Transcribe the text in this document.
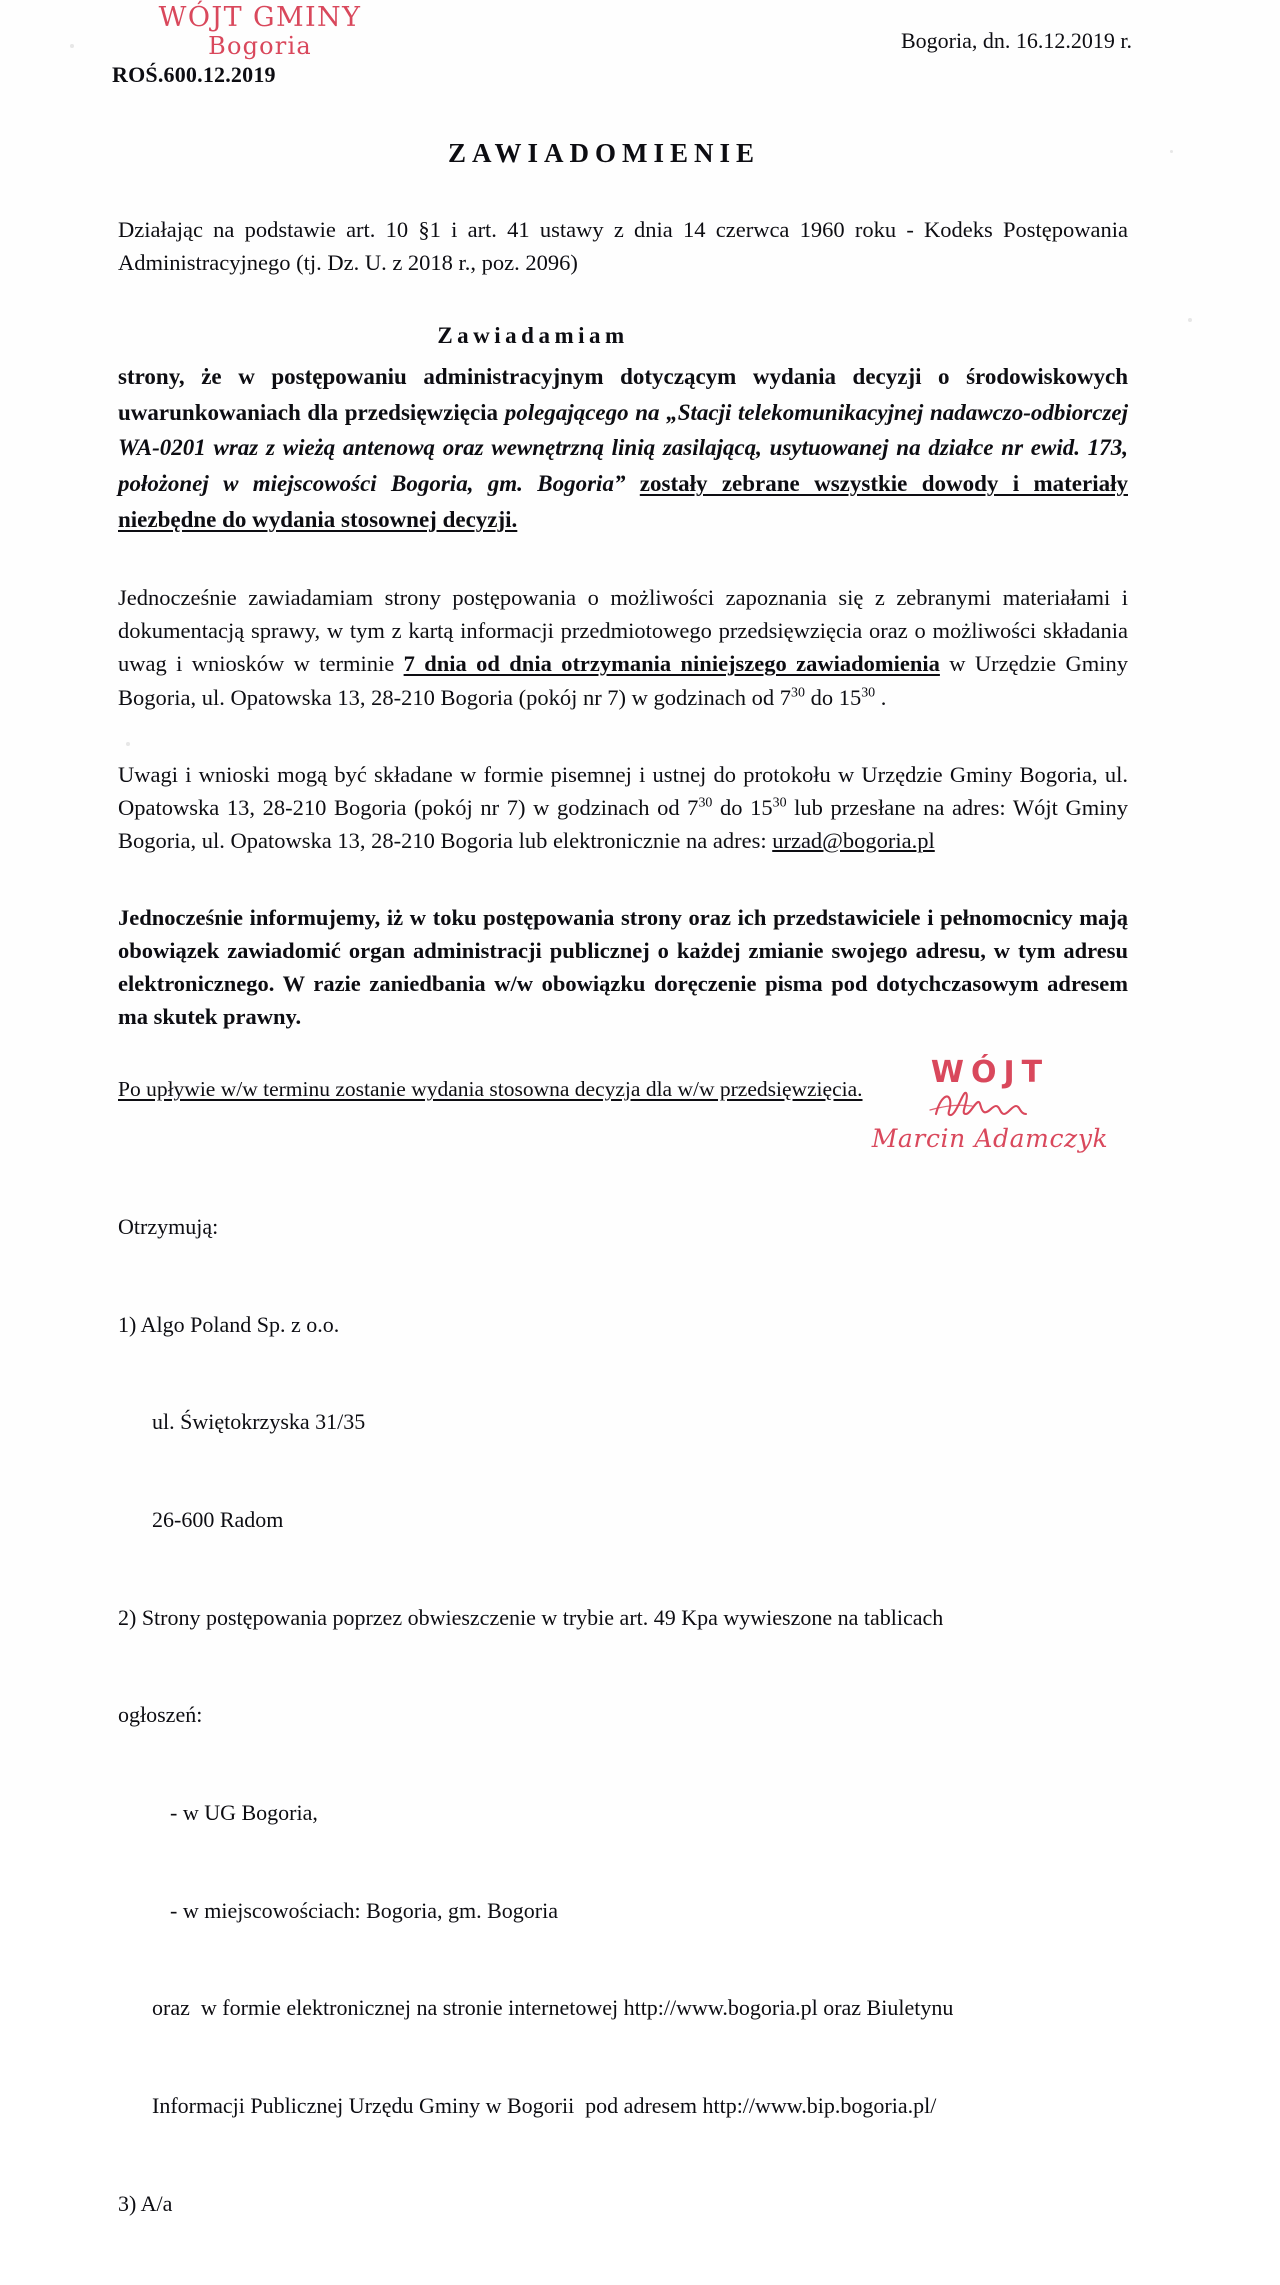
WÓJT GMINY
Bogoria
ROŚ.600.12.2019
Bogoria, dn. 16.12.2019 r.
ZAWIADOMIENIE

Działając na podstawie art. 10 §1 i art. 41 ustawy z dnia 14 czerwca 1960 roku - Kodeks Postępowania Administracyjnego (tj. Dz. U. z 2018 r., poz. 2096)

Zawiadamiam

strony, że w postępowaniu administracyjnym dotyczącym wydania decyzji o środowiskowych uwarunkowaniach dla przedsięwzięcia polegającego na „Stacji telekomunikacyjnej nadawczo-odbiorczej WA-0201 wraz z wieżą antenową oraz wewnętrzną linią zasilającą, usytuowanej na działce nr ewid. 173, położonej w miejscowości Bogoria, gm. Bogoria” zostały zebrane wszystkie dowody i materiały niezbędne do wydania stosownej decyzji.

Jednocześnie zawiadamiam strony postępowania o możliwości zapoznania się z zebranymi materiałami i dokumentacją sprawy, w tym z kartą informacji przedmiotowego przedsięwzięcia oraz o możliwości składania uwag i wniosków w terminie 7 dnia od dnia otrzymania niniejszego zawiadomienia w Urzędzie Gminy Bogoria, ul. Opatowska 13, 28-210 Bogoria (pokój nr 7) w godzinach od $7^{30}$ do $15^{30}$ .

Uwagi i wnioski mogą być składane w formie pisemnej i ustnej do protokołu w Urzędzie Gminy Bogoria, ul. Opatowska 13, 28-210 Bogoria (pokój nr 7) w godzinach od $7^{30}$ do $15^{30}$ lub przesłane na adres: Wójt Gminy Bogoria, ul. Opatowska 13, 28-210 Bogoria lub elektronicznie na adres: urzad@bogoria.pl

Jednocześnie informujemy, iż w toku postępowania strony oraz ich przedstawiciele i pełnomocnicy mają obowiązek zawiadomić organ administracji publicznej o każdej zmianie swojego adresu, w tym adresu elektronicznego. W razie zaniedbania w/w obowiązku doręczenie pisma pod dotychczasowym adresem ma skutek prawny.

Po upływie w/w terminu zostanie wydania stosowna decyzja dla w/w przedsięwzięcia.

Otrzymują:

1) Algo Poland Sp. z o.o.

ul. Świętokrzyska 31/35

26-600 Radom

2) Strony postępowania poprzez obwieszczenie w trybie art. 49 Kpa wywieszone na tablicach

ogłoszeń:

- w UG Bogoria,

- w miejscowościach: Bogoria, gm. Bogoria

oraz  w formie elektronicznej na stronie internetowej http://www.bogoria.pl oraz Biuletynu

Informacji Publicznej Urzędu Gminy w Bogorii  pod adresem http://www.bip.bogoria.pl/

3) A/a

WÓJT
Marcin Adamczyk
